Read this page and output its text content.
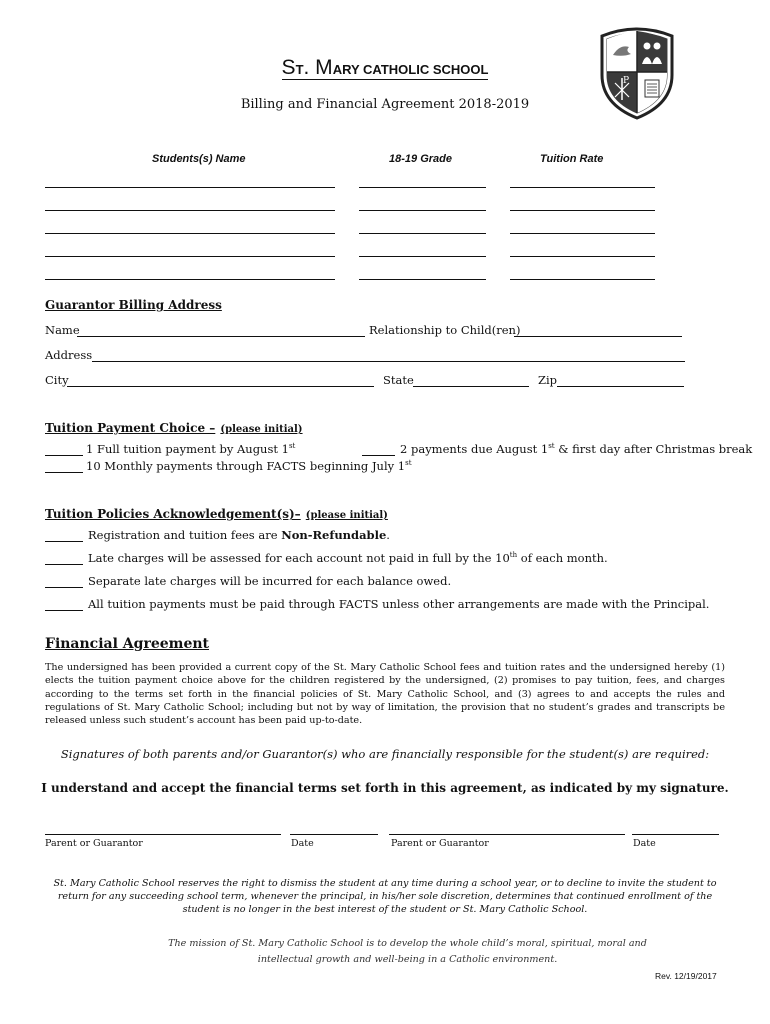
ST. MARY CATHOLIC SCHOOL
Billing and Financial Agreement 2018-2019
P
Students(s) Name	18-19 Grade	Tuition Rate
Guarantor Billing Address
Name	Relationship to Child(ren)
Address
City	State	Zip
Tuition Payment Choice – (please initial)
1 Full tuition payment by August 1st	2 payments due August 1st & first day after Christmas break
10 Monthly payments through FACTS beginning July 1st
Tuition Policies Acknowledgement(s)– (please initial)
Registration and tuition fees are Non-Refundable.
Late charges will be assessed for each account not paid in full by the 10th of each month.
Separate late charges will be incurred for each balance owed.
All tuition payments must be paid through FACTS unless other arrangements are made with the Principal.
Financial Agreement
The undersigned has been provided a current copy of the St. Mary Catholic School fees and tuition rates and the undersigned hereby (1) elects the tuition payment choice above for the children registered by the undersigned, (2) promises to pay tuition, fees, and charges according to the terms set forth in the financial policies of St. Mary Catholic School, and (3) agrees to and accepts the rules and regulations of St. Mary Catholic School; including but not by way of limitation, the provision that no student’s grades and transcripts be released unless such student’s account has been paid up-to-date.
Signatures of both parents and/or Guarantor(s) who are financially responsible for the student(s) are required:
I understand and accept the financial terms set forth in this agreement, as indicated by my signature.
Parent or Guarantor	Date	Parent or Guarantor	Date
St. Mary Catholic School reserves the right to dismiss the student at any time during a school year, or to decline to invite the student to return for any succeeding school term, whenever the principal, in his/her sole discretion, determines that continued enrollment of the student is no longer in the best interest of the student or St. Mary Catholic School.
The mission of St. Mary Catholic School is to develop the whole child’s moral, spiritual, moral and
intellectual growth and well-being in a Catholic environment.
Rev. 12/19/2017
